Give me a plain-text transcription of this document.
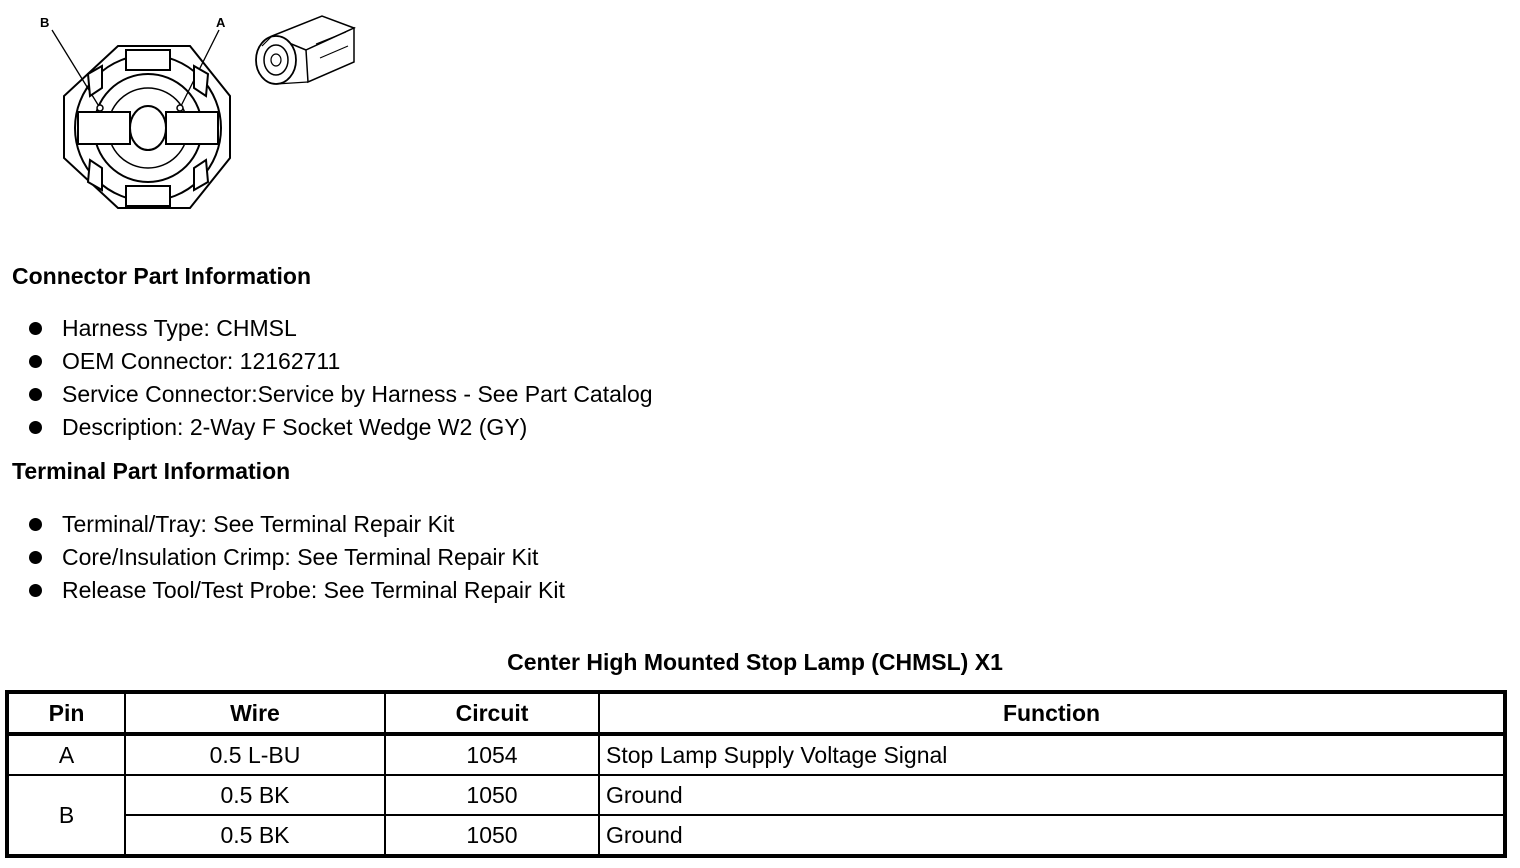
B	A
Connector Part Information
Harness Type: CHMSL
OEM Connector: 12162711
Service Connector:Service by Harness - See Part Catalog
Description: 2-Way F Socket Wedge W2 (GY)
Terminal Part Information
Terminal/Tray: See Terminal Repair Kit
Core/Insulation Crimp: See Terminal Repair Kit
Release Tool/Test Probe: See Terminal Repair Kit
Center High Mounted Stop Lamp (CHMSL) X1
Pin	Wire	Circuit	Function
A	0.5 L-BU	1054	Stop Lamp Supply Voltage Signal
B	0.5 BK	1050	Ground
	0.5 BK	1050	Ground
